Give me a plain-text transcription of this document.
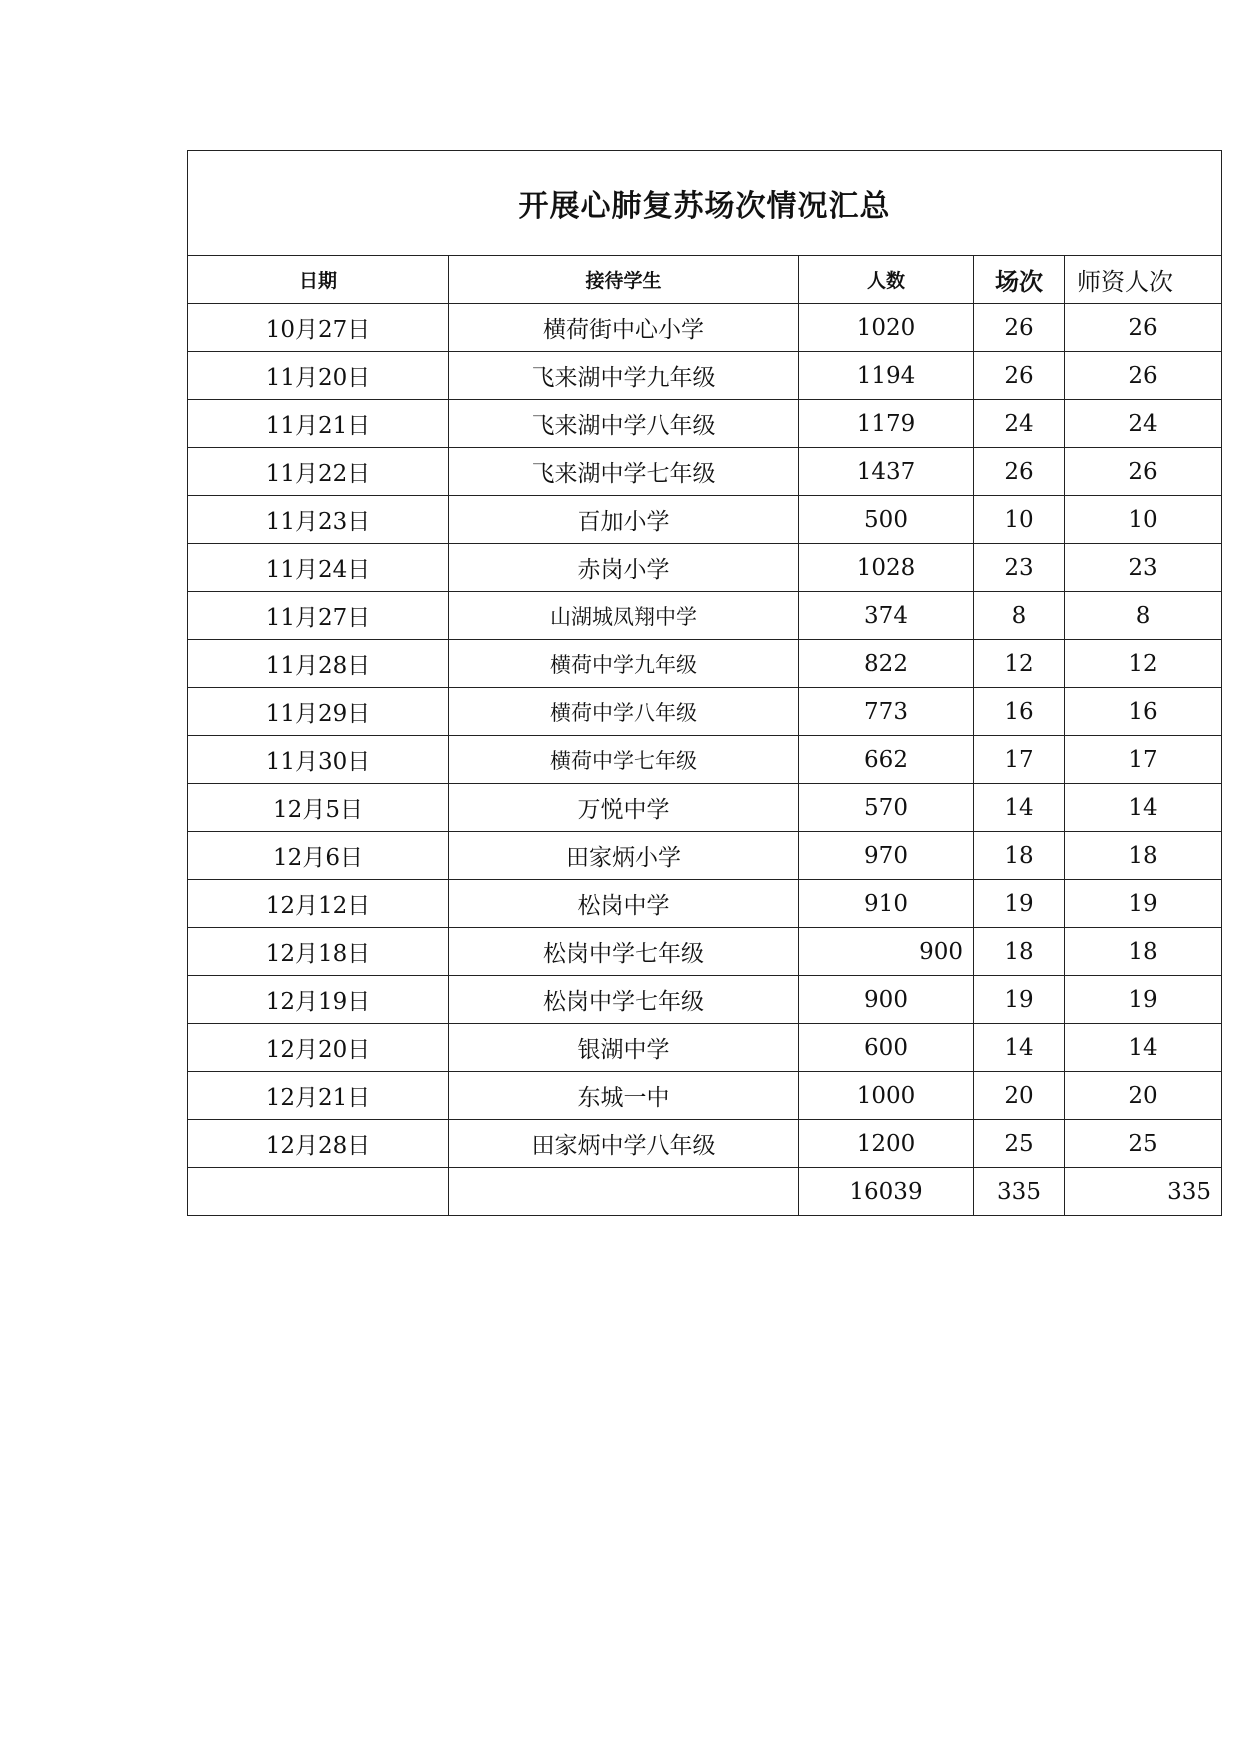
开展心肺复苏场次情况汇总				
日期	接待学生	人数	场次	师资人次
10月27日	横荷街中心小学	1020	26	26
11月20日	飞来湖中学九年级	1194	26	26
11月21日	飞来湖中学八年级	1179	24	24
11月22日	飞来湖中学七年级	1437	26	26
11月23日	百加小学	500	10	10
11月24日	赤岗小学	1028	23	23
11月27日	山湖城凤翔中学	374	8	8
11月28日	横荷中学九年级	822	12	12
11月29日	横荷中学八年级	773	16	16
11月30日	横荷中学七年级	662	17	17
12月5日	万悦中学	570	14	14
12月6日	田家炳小学	970	18	18
12月12日	松岗中学	910	19	19
12月18日	松岗中学七年级	900	18	18
12月19日	松岗中学七年级	900	19	19
12月20日	银湖中学	600	14	14
12月21日	东城一中	1000	20	20
12月28日	田家炳中学八年级	1200	25	25
		16039	335	335
